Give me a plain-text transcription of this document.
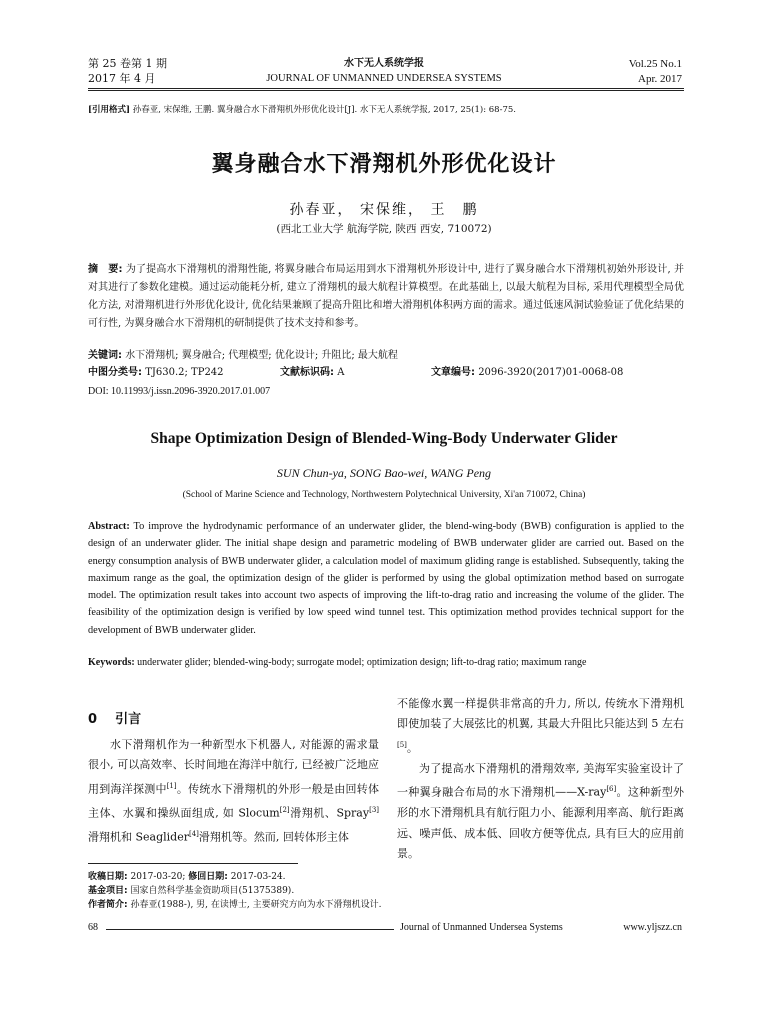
第 25 卷第 1 期
2017 年 4 月
水下无人系统学报
JOURNAL OF UNMANNED UNDERSEA SYSTEMS
Vol.25 No.1
Apr. 2017
[引用格式] 孙春亚, 宋保维, 王鹏. 翼身融合水下滑翔机外形优化设计[J]. 水下无人系统学报, 2017, 25(1): 68-75.
翼身融合水下滑翔机外形优化设计
孙春亚， 宋保维， 王　鹏
(西北工业大学 航海学院, 陕西 西安, 710072)
摘　要: 为了提高水下滑翔机的滑翔性能, 将翼身融合布局运用到水下滑翔机外形设计中, 进行了翼身融合水下滑翔机初始外形设计, 并对其进行了参数化建模。通过运动能耗分析, 建立了滑翔机的最大航程计算模型。在此基础上, 以最大航程为目标, 采用代理模型全局优化方法, 对滑翔机进行外形优化设计, 优化结果兼顾了提高升阻比和增大滑翔机体积两方面的需求。通过低速风洞试验验证了优化结果的可行性, 为翼身融合水下滑翔机的研制提供了技术支持和参考。
关键词: 水下滑翔机; 翼身融合; 代理模型; 优化设计; 升阻比; 最大航程
中图分类号: TJ630.2; TP242	文献标识码: A	文章编号: 2096-3920(2017)01-0068-08
DOI: 10.11993/j.issn.2096-3920.2017.01.007
Shape Optimization Design of Blended-Wing-Body Underwater Glider
SUN Chun-ya, SONG Bao-wei, WANG Peng
(School of Marine Science and Technology, Northwestern Polytechnical University, Xi'an 710072, China)
Abstract: To improve the hydrodynamic performance of an underwater glider, the blend-wing-body (BWB) configuration is applied to the design of an underwater glider. The initial shape design and parametric modeling of BWB underwater glider are carried out. Based on the energy consumption analysis of BWB underwater glider, a calculation model of maximum gliding range is established. Subsequently, taking the maximum range as the goal, the optimization design of the glider is performed by using the global optimization method based on surrogate model. The optimization result takes into account two aspects of improving the lift-to-drag ratio and increasing the volume of the glider. The feasibility of the optimization design is verified by low speed wind tunnel test. This optimization method provides technical support for the development of BWB underwater glider.
Keywords: underwater glider; blended-wing-body; surrogate model; optimization design; lift-to-drag ratio; maximum range
0 引言

水下滑翔机作为一种新型水下机器人, 对能源的需求量很小, 可以高效率、长时间地在海洋中航行, 已经被广泛地应用到海洋探测中[1]。传统水下滑翔机的外形一般是由回转体主体、水翼和操纵面组成, 如 Slocum[2]滑翔机、Spray[3]滑翔机和 Seaglider[4]滑翔机等。然而, 回转体形主体

不能像水翼一样提供非常高的升力, 所以, 传统水下滑翔机即使加装了大展弦比的机翼, 其最大升阻比只能达到 5 左右[5]。

为了提高水下滑翔机的滑翔效率, 美海军实验室设计了一种翼身融合布局的水下滑翔机——X-ray[6]。这种新型外形的水下滑翔机具有航行阻力小、能源利用率高、航行距离远、噪声低、成本低、回收方便等优点, 具有巨大的应用前景。

收稿日期: 2017-03-20; 修回日期: 2017-03-24.
基金项目: 国家自然科学基金资助项目(51375389).
作者简介: 孙春亚(1988-), 男, 在读博士, 主要研究方向为水下滑翔机设计.
68	Journal of Unmanned Undersea Systems	www.yljszz.cn
